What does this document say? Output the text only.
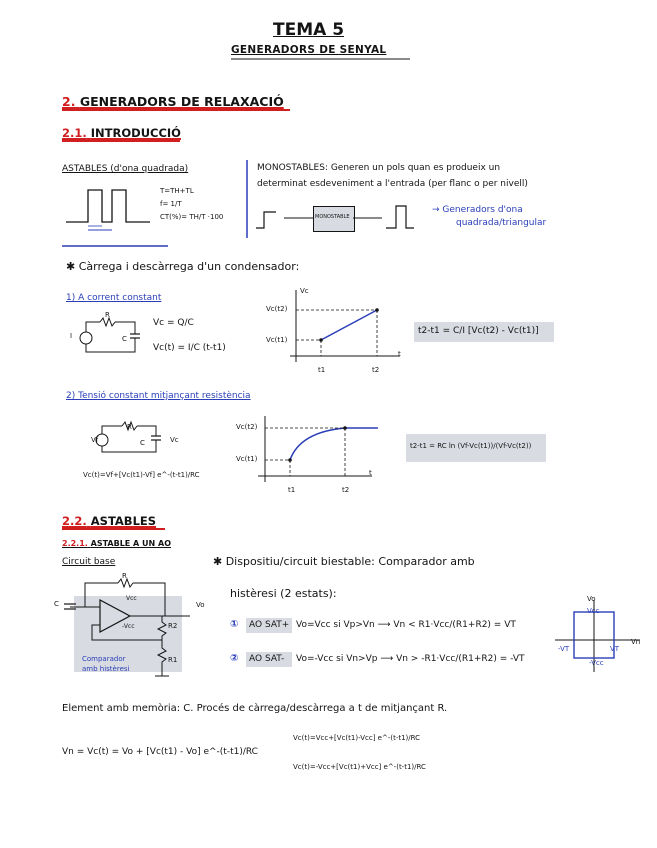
TEMA 5
GENERADORS DE SENYAL
2. GENERADORS DE RELAXACIÓ
2.1. INTRODUCCIÓ
ASTABLES (d'ona quadrada)
T=TH+TL
f= 1/T
CT(%)= TH/T ·100
MONOSTABLES: Generen un pols quan es produeix un
determinat esdeveniment a l'entrada (per flanc o per nivell)
MONOSTABLE
→ Generadors d'ona
quadrada/triangular
✱ Càrrega i descàrrega d'un condensador:
1) A corrent constant
Vc = Q/C
Vc(t) = I/C (t-t1)
t2-t1 = C/I [Vc(t2) - Vc(t1)]
2) Tensió constant mitjançant resistència
Vc(t)=Vf+[Vc(t1)-Vf] e^-(t-t1)/RC
t2-t1 = RC ln (Vf-Vc(t1))/(Vf-Vc(t2))
Vc
Vc(t2)
Vc(t1)
t1	t2
t
Vc(t2)
Vc(t1)
t1	t2
t
I
R
C
Vf
R
C	Vc
2.2. ASTABLES
2.2.1. ASTABLE A UN AO
Circuit base
Comparador
amb histèresi
Vcc
-Vcc
Vo
R
R2
R1
C
✱ Dispositiu/circuit biestable: Comparador amb
histèresi (2 estats):
① AO SAT+ Vo=Vcc si Vp>Vn ⟶ Vn < R1·Vcc/(R1+R2) = VT
② AO SAT- Vo=-Vcc si Vn>Vp ⟶ Vn > -R1·Vcc/(R1+R2) = -VT
Vcc
-Vcc
VT
-VT
Vn
Vo
Element amb memòria: C. Procés de càrrega/descàrrega a t de mitjançant R.
Vn = Vc(t) = Vo + [Vc(t1) - Vo] e^-(t-t1)/RC
Vc(t)=Vcc+[Vc(t1)-Vcc] e^-(t-t1)/RC
Vc(t)=-Vcc+[Vc(t1)+Vcc] e^-(t-t1)/RC
